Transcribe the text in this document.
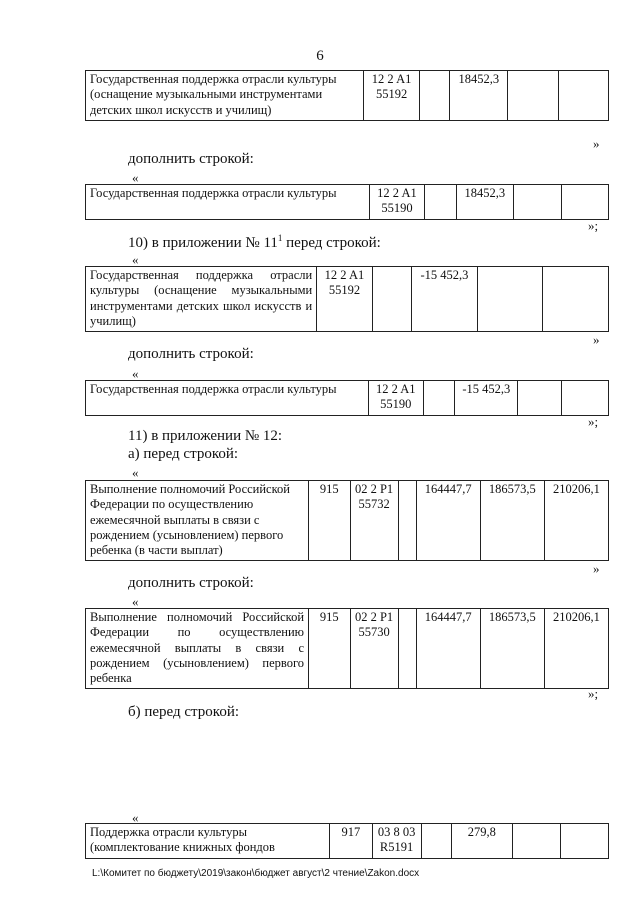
6
Государственная поддержка отрасли культуры (оснащение музыкальными инструментами детских школ искусств и училищ)	12 2 A1 55192		18452,3		
»
дополнить строкой:
«
Государственная поддержка отрасли культуры	12 2 A1 55190		18452,3		
»;
10) в приложении № $11^1$ перед строкой:
«
Государственная поддержка отрасли культуры (оснащение музыкальными инструментами детских школ искусств и училищ)	12 2 A1 55192		-15 452,3		
»
дополнить строкой:
«
Государственная поддержка отрасли культуры	12 2 A1 55190		-15 452,3		
»;
11) в приложении № 12:
а) перед строкой:
«
Выполнение полномочий Российской Федерации по осуществлению ежемесячной выплаты в связи с рождением (усыновлением) первого ребенка (в части выплат)	915	02 2 P1 55732		164447,7	186573,5	210206,1
»
дополнить строкой:
«
Выполнение полномочий Российской Федерации по осуществлению ежемесячной выплаты в связи с рождением (усыновлением) первого ребенка	915	02 2 P1 55730		164447,7	186573,5	210206,1
»;
б) перед строкой:
«
Поддержка отрасли культуры (комплектование книжных фондов	917	03 8 03 R5191		279,8		
L:\Комитет по бюджету\2019\закон\бюджет август\2 чтение\Zakon.docx
